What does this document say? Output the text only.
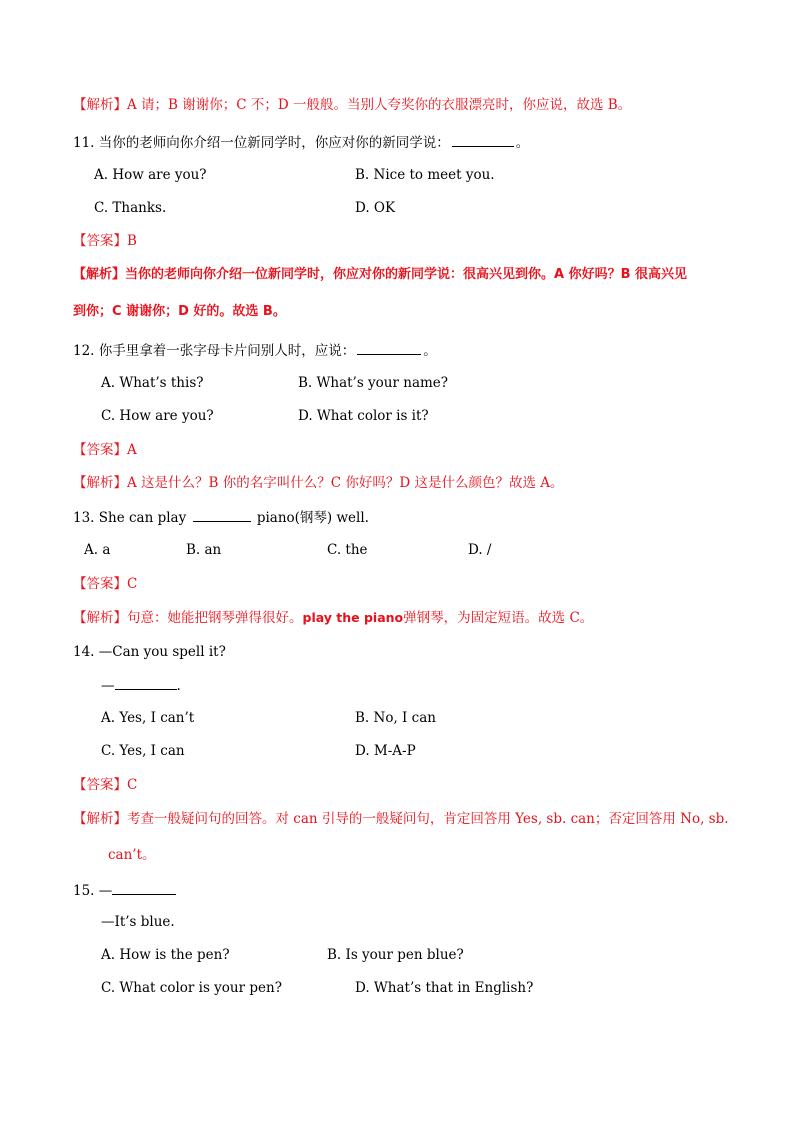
【解析】A 请；B 谢谢你；C 不；D 一般般。当别人夸奖你的衣服漂亮时，你应说，故选 B。
11. 当你的老师向你介绍一位新同学时，你应对你的新同学说：	。
A. How are you?	B. Nice to meet you.
C. Thanks.	D. OK
【答案】B
【解析】当你的老师向你介绍一位新同学时，你应对你的新同学说：很高兴见到你。A 你好吗？B 很高兴见
到你；C 谢谢你；D 好的。故选 B。
12. 你手里拿着一张字母卡片问别人时，应说：	。
A. What’s this?	B. What’s your name?
C. How are you?	D. What color is it?
【答案】A
【解析】A 这是什么？B 你的名字叫什么？C 你好吗？D 这是什么颜色？故选 A。
13. She can play	piano(钢琴) well.
A. a	B. an	C. the	D. /
【答案】C
【解析】句意：她能把钢琴弹得很好。play the piano弹钢琴，为固定短语。故选 C。
14. —Can you spell it?
—	.
A. Yes, I can’t	B. No, I can
C. Yes, I can	D. M-A-P
【答案】C
【解析】考查一般疑问句的回答。对 can 引导的一般疑问句，肯定回答用 Yes, sb. can；否定回答用 No, sb.
can’t。
15. —
—It’s blue.
A. How is the pen?	B. Is your pen blue?
C. What color is your pen?	D. What’s that in English?
